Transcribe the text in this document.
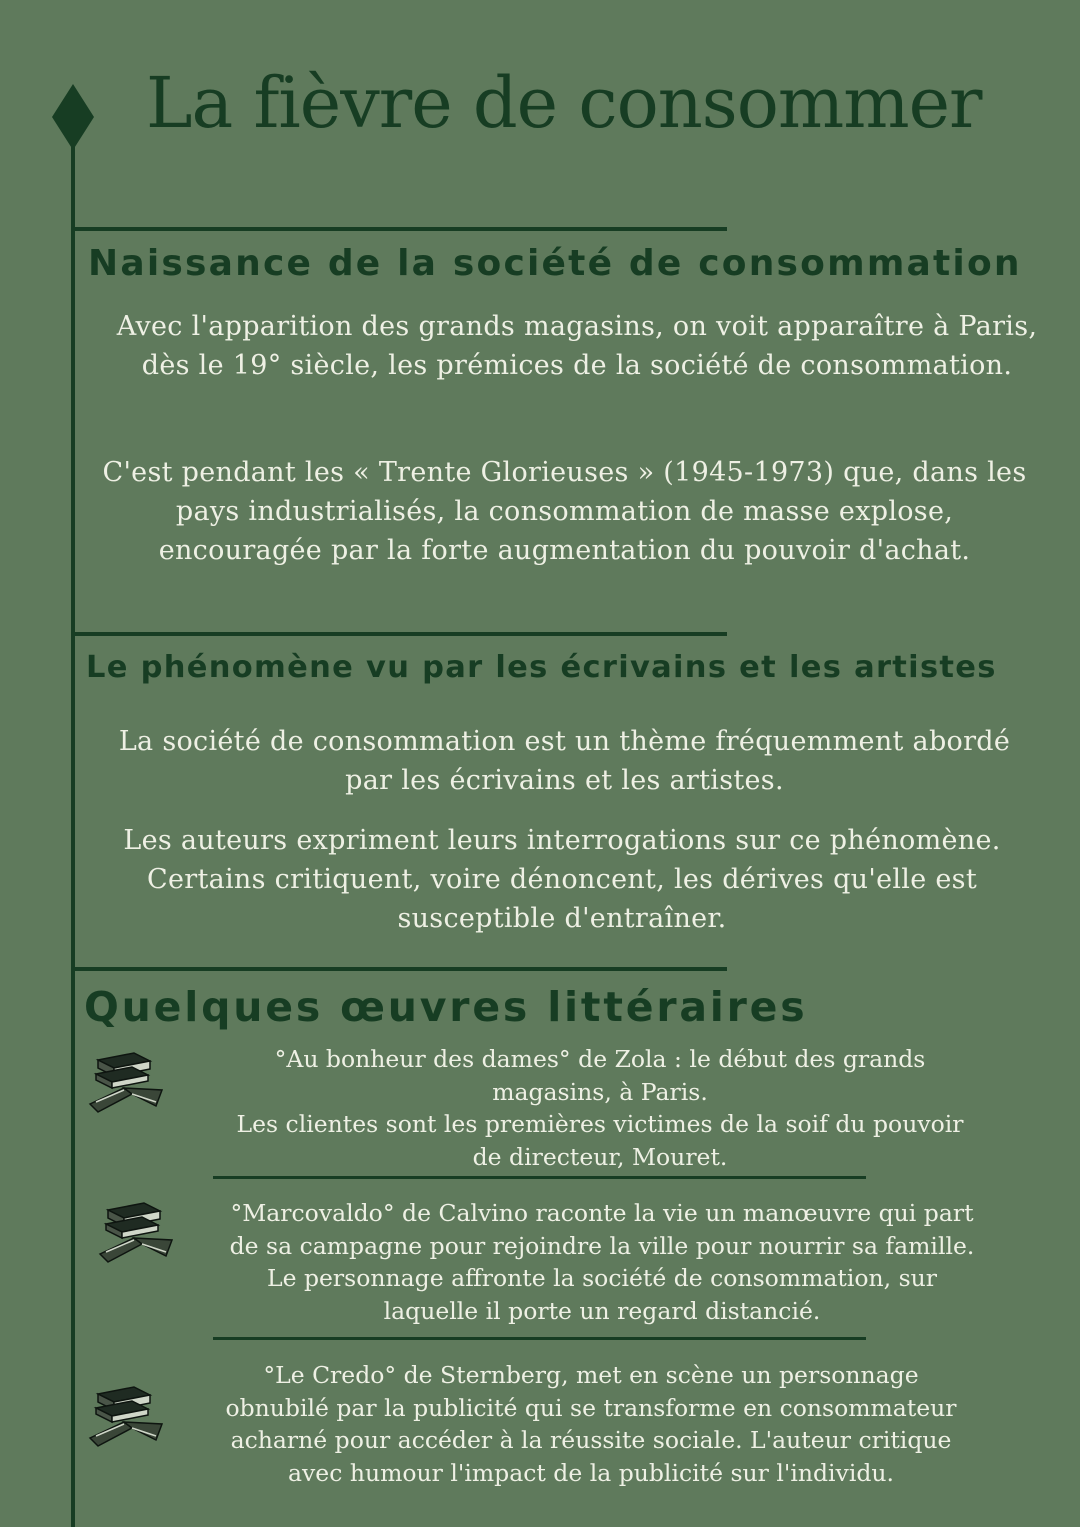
La fièvre de consommer
Naissance de la société de consommation

Avec l'apparition des grands magasins, on voit apparaître à Paris, dès le 19° siècle, les prémices de la société de consommation.

C'est pendant les « Trente Glorieuses » (1945-1973) que, dans les pays industrialisés, la consommation de masse explose, encouragée par la forte augmentation du pouvoir d'achat.

Le phénomène vu par les écrivains et les artistes

La société de consommation est un thème fréquemment abordé par les écrivains et les artistes.

Les auteurs expriment leurs interrogations sur ce phénomène. Certains critiquent, voire dénoncent, les dérives qu'elle est susceptible d'entraîner.

Quelques œuvres littéraires
°Au bonheur des dames° de Zola : le début des grands
magasins, à Paris.
Les clientes sont les premières victimes de la soif du pouvoir
de directeur, Mouret.
°Marcovaldo° de Calvino raconte la vie un manœuvre qui part
de sa campagne pour rejoindre la ville pour nourrir sa famille.
Le personnage affronte la société de consommation, sur
laquelle il porte un regard distancié.
°Le Credo° de Sternberg, met en scène un personnage
obnubilé par la publicité qui se transforme en consommateur
acharné pour accéder à la réussite sociale. L'auteur critique
avec humour l'impact de la publicité sur l'individu.
